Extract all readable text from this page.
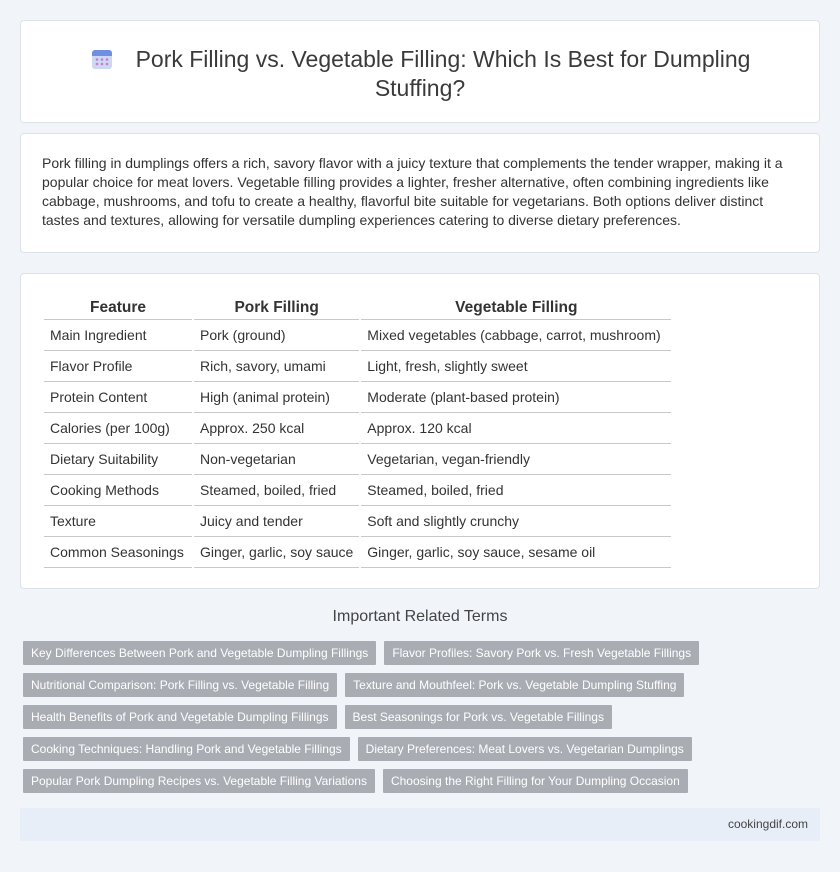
Pork Filling vs. Vegetable Filling: Which Is Best for Dumpling Stuffing?

Pork filling in dumplings offers a rich, savory flavor with a juicy texture that complements the tender wrapper, making it a popular choice for meat lovers. Vegetable filling provides a lighter, fresher alternative, often combining ingredients like cabbage, mushrooms, and tofu to create a healthy, flavorful bite suitable for vegetarians. Both options deliver distinct tastes and textures, allowing for versatile dumpling experiences catering to diverse dietary preferences.

Feature	Pork Filling	Vegetable Filling
Main Ingredient	Pork (ground)	Mixed vegetables (cabbage, carrot, mushroom)
Flavor Profile	Rich, savory, umami	Light, fresh, slightly sweet
Protein Content	High (animal protein)	Moderate (plant-based protein)
Calories (per 100g)	Approx. 250 kcal	Approx. 120 kcal
Dietary Suitability	Non-vegetarian	Vegetarian, vegan-friendly
Cooking Methods	Steamed, boiled, fried	Steamed, boiled, fried
Texture	Juicy and tender	Soft and slightly crunchy
Common Seasonings	Ginger, garlic, soy sauce	Ginger, garlic, soy sauce, sesame oil
Important Related Terms
Key Differences Between Pork and Vegetable Dumpling Fillings	Flavor Profiles: Savory Pork vs. Fresh Vegetable Fillings
Nutritional Comparison: Pork Filling vs. Vegetable Filling	Texture and Mouthfeel: Pork vs. Vegetable Dumpling Stuffing
Health Benefits of Pork and Vegetable Dumpling Fillings	Best Seasonings for Pork vs. Vegetable Fillings
Cooking Techniques: Handling Pork and Vegetable Fillings	Dietary Preferences: Meat Lovers vs. Vegetarian Dumplings
Popular Pork Dumpling Recipes vs. Vegetable Filling Variations	Choosing the Right Filling for Your Dumpling Occasion
cookingdif.com
